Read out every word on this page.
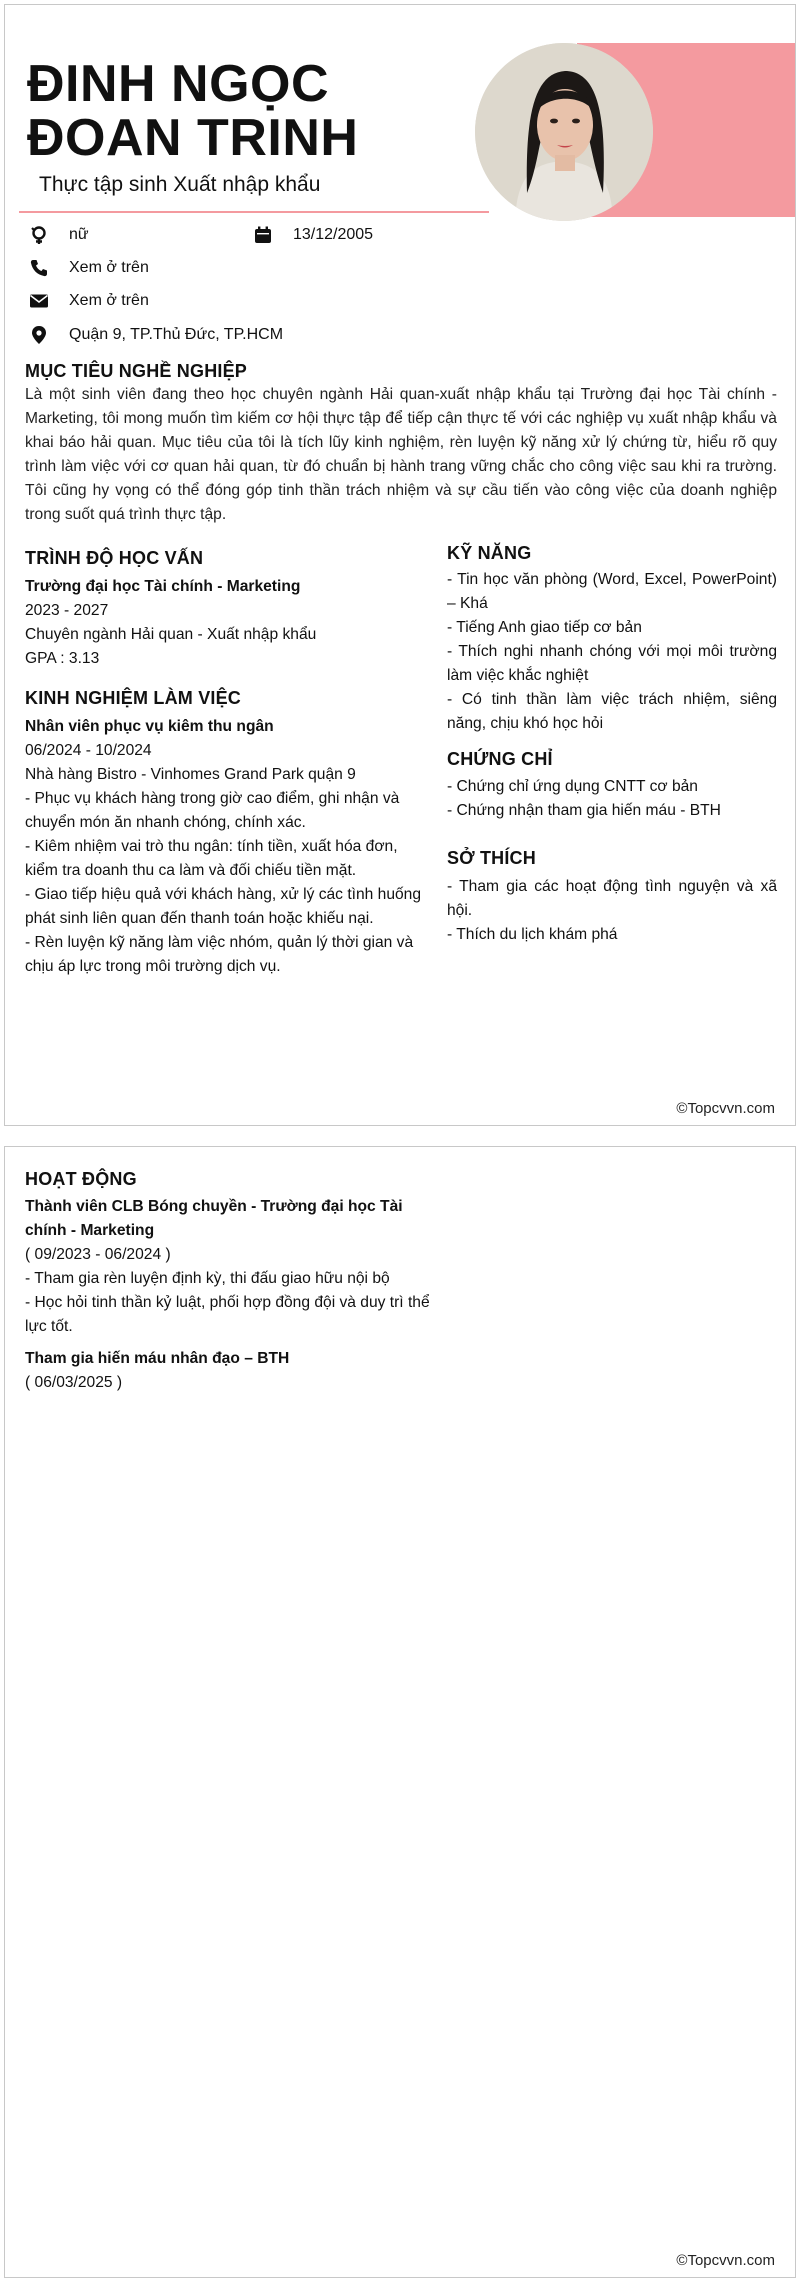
ĐINH NGỌC ĐOAN TRINH
Thực tập sinh Xuất nhập khẩu
nữ	13/12/2005
Xem ở trên
Xem ở trên
Quận 9, TP.Thủ Đức, TP.HCM
MỤC TIÊU NGHỀ NGHIỆP
Là một sinh viên đang theo học chuyên ngành Hải quan-xuất nhập khẩu tại Trường đại học Tài chính - Marketing, tôi mong muốn tìm kiếm cơ hội thực tập để tiếp cận thực tế với các nghiệp vụ xuất nhập khẩu và khai báo hải quan. Mục tiêu của tôi là tích lũy kinh nghiệm, rèn luyện kỹ năng xử lý chứng từ, hiểu rõ quy trình làm việc với cơ quan hải quan, từ đó chuẩn bị hành trang vững chắc cho công việc sau khi ra trường. Tôi cũng hy vọng có thể đóng góp tinh thần trách nhiệm và sự cầu tiến vào công việc của doanh nghiệp trong suốt quá trình thực tập.
TRÌNH ĐỘ HỌC VẤN
Trường đại học Tài chính - Marketing
2023 - 2027
Chuyên ngành Hải quan - Xuất nhập khẩu
GPA : 3.13
KINH NGHIỆM LÀM VIỆC
Nhân viên phục vụ kiêm thu ngân
06/2024 - 10/2024
Nhà hàng Bistro - Vinhomes Grand Park quận 9
- Phục vụ khách hàng trong giờ cao điểm, ghi nhận và chuyển món ăn nhanh chóng, chính xác.
- Kiêm nhiệm vai trò thu ngân: tính tiền, xuất hóa đơn, kiểm tra doanh thu ca làm và đối chiếu tiền mặt.
- Giao tiếp hiệu quả với khách hàng, xử lý các tình huống phát sinh liên quan đến thanh toán hoặc khiếu nại.
- Rèn luyện kỹ năng làm việc nhóm, quản lý thời gian và chịu áp lực trong môi trường dịch vụ.
KỸ NĂNG
- Tin học văn phòng (Word, Excel, PowerPoint) – Khá
- Tiếng Anh giao tiếp cơ bản
- Thích nghi nhanh chóng với mọi môi trường làm việc khắc nghiệt
- Có tinh thần làm việc trách nhiệm, siêng năng, chịu khó học hỏi
CHỨNG CHỈ
- Chứng chỉ ứng dụng CNTT cơ bản
- Chứng nhận tham gia hiến máu - BTH
SỞ THÍCH
- Tham gia các hoạt động tình nguyện và xã hội.
- Thích du lịch khám phá
©Topcvvn.com
HOẠT ĐỘNG
Thành viên CLB Bóng chuyền - Trường đại học Tài chính - Marketing
( 09/2023 - 06/2024 )
- Tham gia rèn luyện định kỳ, thi đấu giao hữu nội bộ
- Học hỏi tinh thần kỷ luật, phối hợp đồng đội và duy trì thể lực tốt.
Tham gia hiến máu nhân đạo – BTH
( 06/03/2025 )
©Topcvvn.com
